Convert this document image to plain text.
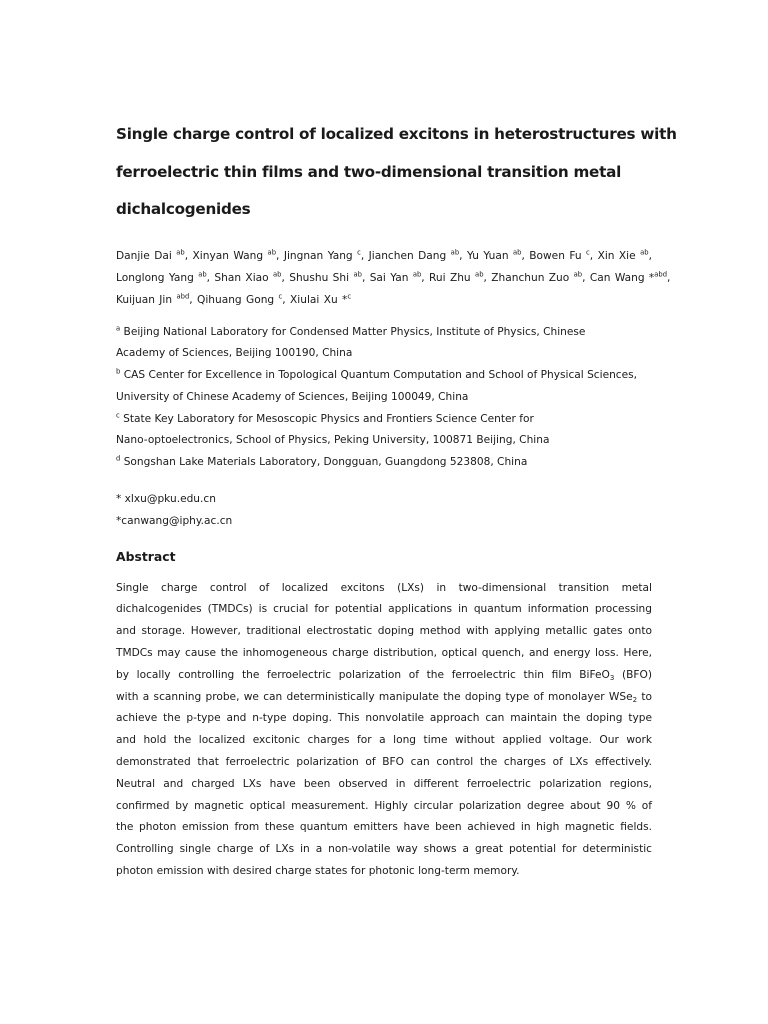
Single charge control of localized excitons in heterostructures with
ferroelectric thin films and two-dimensional transition metal
dichalcogenides
Danjie Dai $^{ab}$, Xinyan Wang $^{ab}$, Jingnan Yang $^c$, Jianchen Dang $^{ab}$, Yu Yuan $^{ab}$, Bowen Fu $^c$, Xin Xie $^{ab}$,
Longlong Yang $^{ab}$, Shan Xiao $^{ab}$, Shushu Shi $^{ab}$, Sai Yan $^{ab}$, Rui Zhu $^{ab}$, Zhanchun Zuo $^{ab}$, Can Wang *$^{abd}$,
Kuijuan Jin $^{abd}$, Qihuang Gong $^c$, Xiulai Xu *$^c$
$^a$ Beijing National Laboratory for Condensed Matter Physics, Institute of Physics, Chinese
Academy of Sciences, Beijing 100190, China
$^b$ CAS Center for Excellence in Topological Quantum Computation and School of Physical Sciences,
University of Chinese Academy of Sciences, Beijing 100049, China
$^c$ State Key Laboratory for Mesoscopic Physics and Frontiers Science Center for
Nano-optoelectronics, School of Physics, Peking University, 100871 Beijing, China
$^d$ Songshan Lake Materials Laboratory, Dongguan, Guangdong 523808, China
* xlxu@pku.edu.cn
*canwang@iphy.ac.cn
Abstract
Single charge control of localized excitons (LXs) in two-dimensional transition metal
dichalcogenides (TMDCs) is crucial for potential applications in quantum information processing
and storage. However, traditional electrostatic doping method with applying metallic gates onto
TMDCs may cause the inhomogeneous charge distribution, optical quench, and energy loss. Here,
by locally controlling the ferroelectric polarization of the ferroelectric thin film BiFeO$_3$ (BFO)
with a scanning probe, we can deterministically manipulate the doping type of monolayer WSe$_2$ to
achieve the p-type and n-type doping. This nonvolatile approach can maintain the doping type
and hold the localized excitonic charges for a long time without applied voltage. Our work
demonstrated that ferroelectric polarization of BFO can control the charges of LXs effectively.
Neutral and charged LXs have been observed in different ferroelectric polarization regions,
confirmed by magnetic optical measurement. Highly circular polarization degree about 90 % of
the photon emission from these quantum emitters have been achieved in high magnetic fields.
Controlling single charge of LXs in a non-volatile way shows a great potential for deterministic
photon emission with desired charge states for photonic long-term memory.
